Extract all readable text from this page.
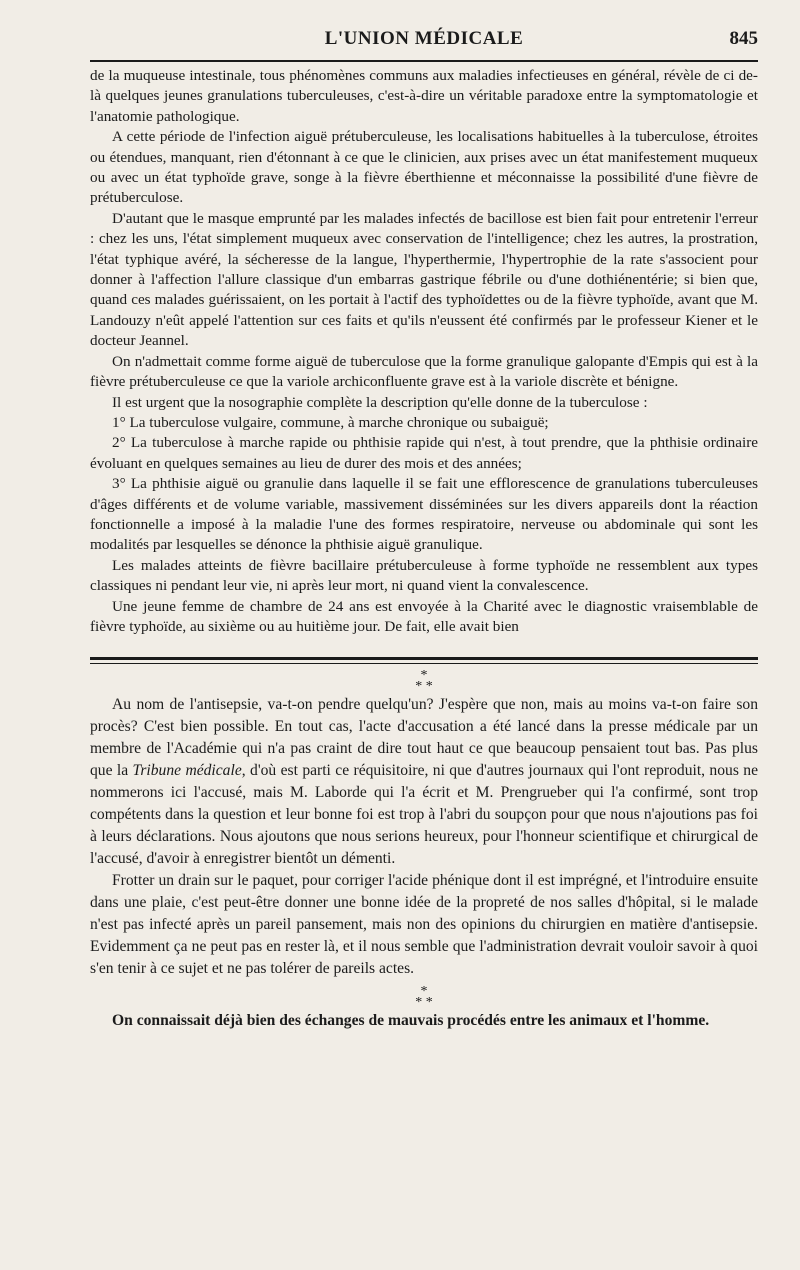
L'UNION MÉDICALE	845

de la muqueuse intestinale, tous phénomènes communs aux maladies infectieuses en général, révèle de ci de-là quelques jeunes granulations tuberculeuses, c'est-à-dire un véritable paradoxe entre la symptomatologie et l'anatomie pathologique.

A cette période de l'infection aiguë prétuberculeuse, les localisations habituelles à la tuberculose, étroites ou étendues, manquant, rien d'étonnant à ce que le clinicien, aux prises avec un état manifestement muqueux ou avec un état typhoïde grave, songe à la fièvre éberthienne et méconnaisse la possibilité d'une fièvre de prétuberculose.

D'autant que le masque emprunté par les malades infectés de bacillose est bien fait pour entretenir l'erreur : chez les uns, l'état simplement muqueux avec conservation de l'intelligence; chez les autres, la prostration, l'état typhique avéré, la sécheresse de la langue, l'hyperthermie, l'hypertrophie de la rate s'associent pour donner à l'affection l'allure classique d'un embarras gastrique fébrile ou d'une dothiénentérie; si bien que, quand ces malades guérissaient, on les portait à l'actif des typhoïdettes ou de la fièvre typhoïde, avant que M. Landouzy n'eût appelé l'attention sur ces faits et qu'ils n'eussent été confirmés par le professeur Kiener et le docteur Jeannel.

On n'admettait comme forme aiguë de tuberculose que la forme granulique galopante d'Empis qui est à la fièvre prétuberculeuse ce que la variole archiconfluente grave est à la variole discrète et bénigne.

Il est urgent que la nosographie complète la description qu'elle donne de la tuberculose :

1° La tuberculose vulgaire, commune, à marche chronique ou subaiguë;

2° La tuberculose à marche rapide ou phthisie rapide qui n'est, à tout prendre, que la phthisie ordinaire évoluant en quelques semaines au lieu de durer des mois et des années;

3° La phthisie aiguë ou granulie dans laquelle il se fait une efflorescence de granulations tuberculeuses d'âges différents et de volume variable, massivement disséminées sur les divers appareils dont la réaction fonctionnelle a imposé à la maladie l'une des formes respiratoire, nerveuse ou abdominale qui sont les modalités par lesquelles se dénonce la phthisie aiguë granulique.

Les malades atteints de fièvre bacillaire prétuberculeuse à forme typhoïde ne ressemblent aux types classiques ni pendant leur vie, ni après leur mort, ni quand vient la convalescence.

Une jeune femme de chambre de 24 ans est envoyée à la Charité avec le diagnostic vraisemblable de fièvre typhoïde, au sixième ou au huitième jour. De fait, elle avait bien

*
* *

Au nom de l'antisepsie, va-t-on pendre quelqu'un? J'espère que non, mais au moins va-t-on faire son procès? C'est bien possible. En tout cas, l'acte d'accusation a été lancé dans la presse médicale par un membre de l'Académie qui n'a pas craint de dire tout haut ce que beaucoup pensaient tout bas. Pas plus que la Tribune médicale, d'où est parti ce réquisitoire, ni que d'autres journaux qui l'ont reproduit, nous ne nommerons ici l'accusé, mais M. Laborde qui l'a écrit et M. Prengrueber qui l'a confirmé, sont trop compétents dans la question et leur bonne foi est trop à l'abri du soupçon pour que nous n'ajoutions pas foi à leurs déclarations. Nous ajoutons que nous serions heureux, pour l'honneur scientifique et chirurgical de l'accusé, d'avoir à enregistrer bientôt un démenti.

Frotter un drain sur le paquet, pour corriger l'acide phénique dont il est imprégné, et l'introduire ensuite dans une plaie, c'est peut-être donner une bonne idée de la propreté de nos salles d'hôpital, si le malade n'est pas infecté après un pareil pansement, mais non des opinions du chirurgien en matière d'antisepsie. Evidemment ça ne peut pas en rester là, et il nous semble que l'administration devrait vouloir savoir à quoi s'en tenir à ce sujet et ne pas tolérer de pareils actes.

*
* *

On connaissait déjà bien des échanges de mauvais procédés entre les animaux et l'homme.
